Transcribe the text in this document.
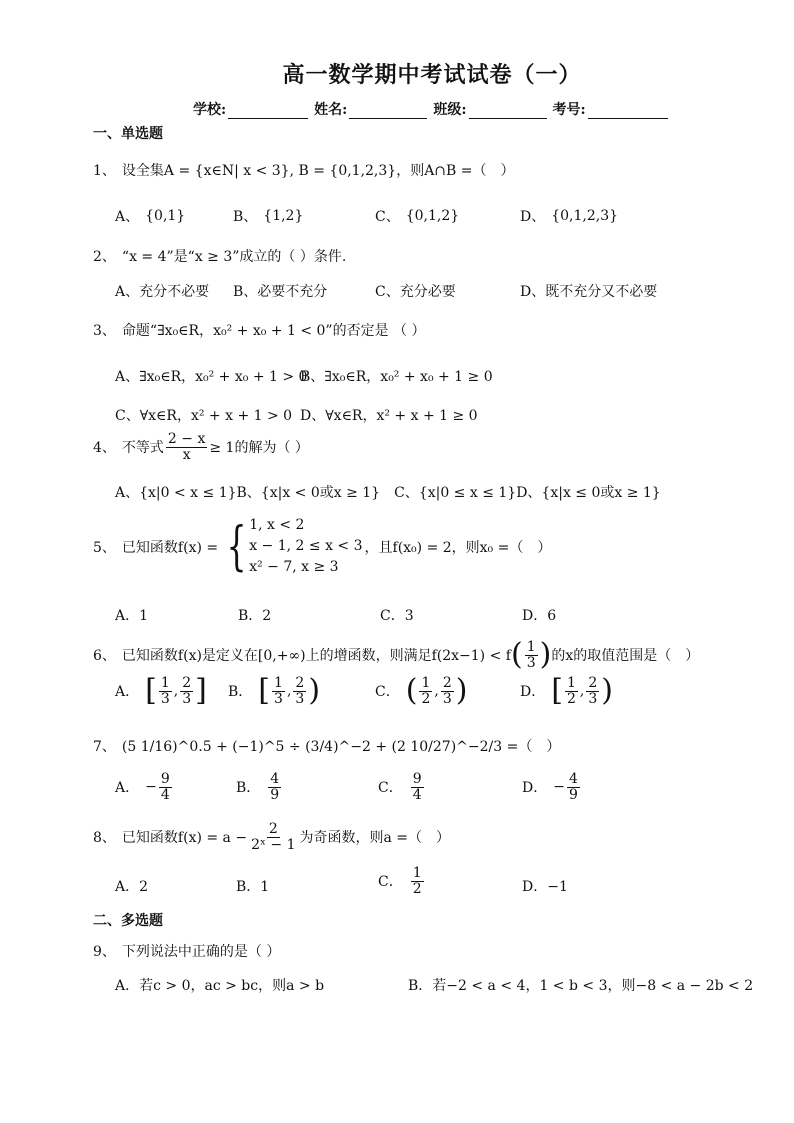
高一数学期中考试试卷（一）
学校:	姓名:	班级:	考号:
一、单选题
1、 设全集A = {x∈N| x < 3}, B = {0,1,2,3}，则A∩B =（　）
A、 {0,1}	B、 {1,2}	C、 {0,1,2}	D、 {0,1,2,3}
2、 “x = 4”是“x ≥ 3”成立的（ ）条件.
A、充分不必要 B、必要不充分	C、充分必要	D、既不充分又不必要
3、 命题“∃x₀∈R，x₀² + x₀ + 1 < 0”的否定是 （ ）
A、∃x₀∈R，x₀² + x₀ + 1 > 0
B、∃x₀∈R，x₀² + x₀ + 1 ≥ 0
C、∀x∈R，x² + x + 1 > 0 D、∀x∈R，x² + x + 1 ≥ 0
4、 不等式 $\frac{2 - x}{x} \ge 1$的解为（ ）
A、{x|0 < x ≤ 1}B、{x|x < 0或x ≥ 1}　C、{x|0 ≤ x ≤ 1}D、{x|x ≤ 0或x ≥ 1}
5、 已知函数f(x) = { 1, x < 2
x − 1, 2 ≤ x < 3
x² − 7, x ≥ 3
，且f(x₀) = 2，则x₀ =（　）
A．1	B．2	C．3	D．6
6、 已知函数f(x)是定义在[0,+∞)上的增函数，则满足f(2x−1) < f ( $\frac{1}{3}$ ) 的x的取值范围是（　）
A． [ $\frac{1}{3}$ , $\frac{2}{3}$ ] B． [ $\frac{1}{3}$ , $\frac{2}{3}$ )	C． ( $\frac{1}{2}$ , $\frac{2}{3}$ )	D． [ $\frac{1}{2}$ , $\frac{2}{3}$ )
7、 (5 1/16)^0.5 + (−1)^5 ÷ (3/4)^−2 + (2 10/27)^−2/3 =（　）
A． − $\frac{9}{4}$	B． $\frac{4}{9}$	C． $\frac{9}{4}$	D． − $\frac{4}{9}$
8、 已知函数$f(x) = a - \frac{2}{\text{2ˣ − 1}}$ 为奇函数，则a =（　）
A．2	B．1	C． $\frac{1}{2}$	D．−1
二、多选题
9、 下列说法中正确的是（ ）
A．若c > 0，ac > bc，则a > b	B．若−2 < a < 4，1 < b < 3，则−8 < a − 2b < 2
